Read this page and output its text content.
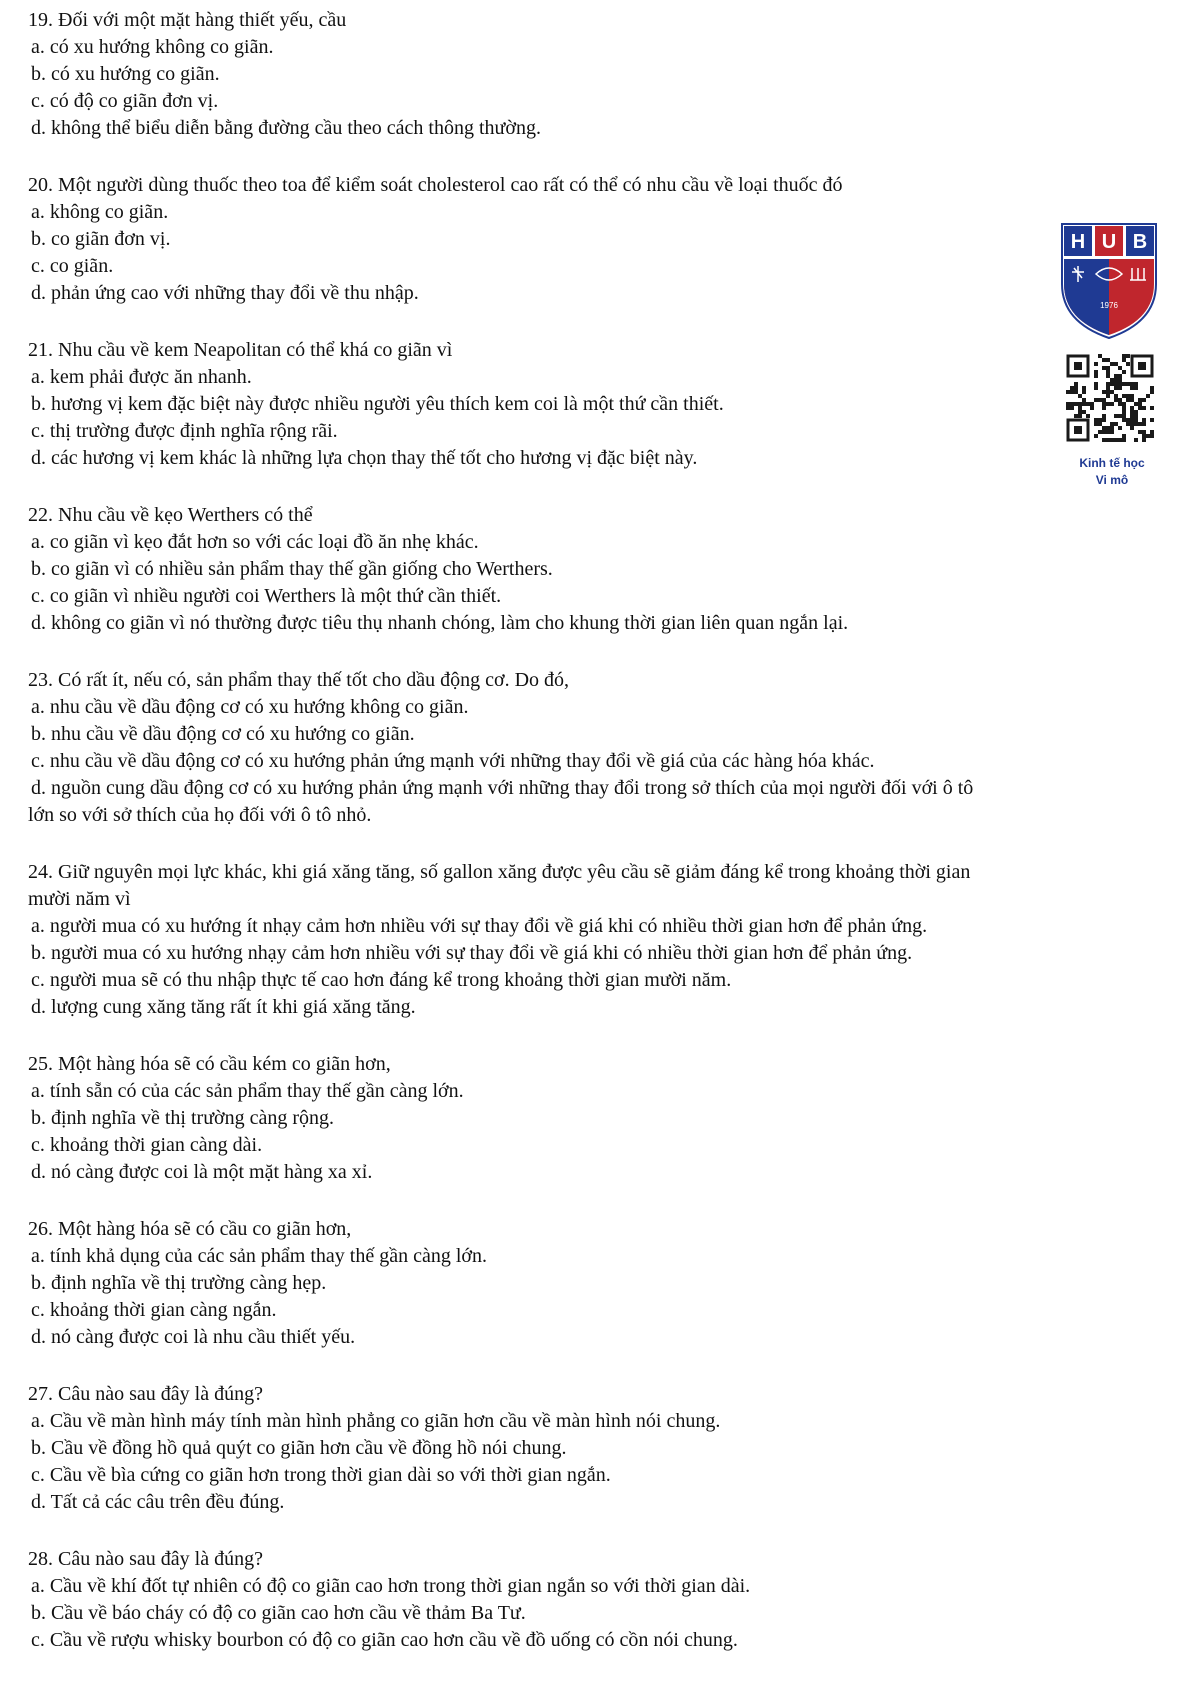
19. Đối với một mặt hàng thiết yếu, cầu
a. có xu hướng không co giãn.
b. có xu hướng co giãn.
c. có độ co giãn đơn vị.
d. không thể biểu diễn bằng đường cầu theo cách thông thường.
20. Một người dùng thuốc theo toa để kiểm soát cholesterol cao rất có thể có nhu cầu về loại thuốc đó
a. không co giãn.
b. co giãn đơn vị.
c. co giãn.
d. phản ứng cao với những thay đổi về thu nhập.
21. Nhu cầu về kem Neapolitan có thể khá co giãn vì
a. kem phải được ăn nhanh.
b. hương vị kem đặc biệt này được nhiều người yêu thích kem coi là một thứ cần thiết.
c. thị trường được định nghĩa rộng rãi.
d. các hương vị kem khác là những lựa chọn thay thế tốt cho hương vị đặc biệt này.
22. Nhu cầu về kẹo Werthers có thể
a. co giãn vì kẹo đắt hơn so với các loại đồ ăn nhẹ khác.
b. co giãn vì có nhiều sản phẩm thay thế gần giống cho Werthers.
c. co giãn vì nhiều người coi Werthers là một thứ cần thiết.
d. không co giãn vì nó thường được tiêu thụ nhanh chóng, làm cho khung thời gian liên quan ngắn lại.
23. Có rất ít, nếu có, sản phẩm thay thế tốt cho dầu động cơ. Do đó,
a. nhu cầu về dầu động cơ có xu hướng không co giãn.
b. nhu cầu về dầu động cơ có xu hướng co giãn.
c. nhu cầu về dầu động cơ có xu hướng phản ứng mạnh với những thay đổi về giá của các hàng hóa khác.
d. nguồn cung dầu động cơ có xu hướng phản ứng mạnh với những thay đổi trong sở thích của mọi người đối với ô tô
lớn so với sở thích của họ đối với ô tô nhỏ.
24. Giữ nguyên mọi lực khác, khi giá xăng tăng, số gallon xăng được yêu cầu sẽ giảm đáng kể trong khoảng thời gian
mười năm vì
a. người mua có xu hướng ít nhạy cảm hơn nhiều với sự thay đổi về giá khi có nhiều thời gian hơn để phản ứng.
b. người mua có xu hướng nhạy cảm hơn nhiều với sự thay đổi về giá khi có nhiều thời gian hơn để phản ứng.
c. người mua sẽ có thu nhập thực tế cao hơn đáng kể trong khoảng thời gian mười năm.
d. lượng cung xăng tăng rất ít khi giá xăng tăng.
25. Một hàng hóa sẽ có cầu kém co giãn hơn,
a. tính sẵn có của các sản phẩm thay thế gần càng lớn.
b. định nghĩa về thị trường càng rộng.
c. khoảng thời gian càng dài.
d. nó càng được coi là một mặt hàng xa xỉ.
26. Một hàng hóa sẽ có cầu co giãn hơn,
a. tính khả dụng của các sản phẩm thay thế gần càng lớn.
b. định nghĩa về thị trường càng hẹp.
c. khoảng thời gian càng ngắn.
d. nó càng được coi là nhu cầu thiết yếu.
27. Câu nào sau đây là đúng?
a. Cầu về màn hình máy tính màn hình phẳng co giãn hơn cầu về màn hình nói chung.
b. Cầu về đồng hồ quả quýt co giãn hơn cầu về đồng hồ nói chung.
c. Cầu về bìa cứng co giãn hơn trong thời gian dài so với thời gian ngắn.
d. Tất cả các câu trên đều đúng.
28. Câu nào sau đây là đúng?
a. Cầu về khí đốt tự nhiên có độ co giãn cao hơn trong thời gian ngắn so với thời gian dài.
b. Cầu về báo cháy có độ co giãn cao hơn cầu về thảm Ba Tư.
c. Cầu về rượu whisky bourbon có độ co giãn cao hơn cầu về đồ uống có cồn nói chung.
H U B
1976
Kinh tế học
Vi mô
